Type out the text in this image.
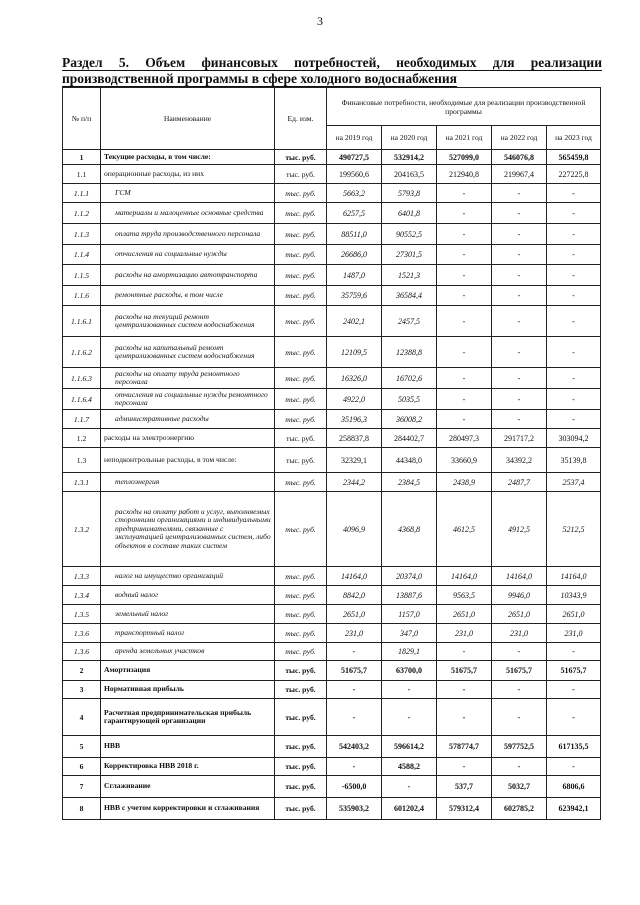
3
Раздел 5. Объем финансовых потребностей, необходимых для реализации производственной программы в сфере холодного водоснабжения
№ п/п	Наименование	Ед. изм.	Финансовые потребности, необходимые для реализации производственной программы				
			на 2019 год	на 2020 год	на 2021 год	на 2022 год	на 2023 год
1	Текущие расходы, в том числе:	тыс. руб.	490727,5	532914,2	527099,0	546076,8	565459,8
1.1	операционные расходы, из них	тыс. руб.	199560,6	204163,5	212940,8	219967,4	227225,8
1.1.1	ГСМ	тыс. руб.	5663,2	5793,8	-	-	-
1.1.2	материалы и малоценные основные средства	тыс. руб.	6257,5	6401,8	-	-	-
1.1.3	оплата труда производственного персонала	тыс. руб.	88511,0	90552,5	-	-	-
1.1.4	отчисления на социальные нужды	тыс. руб.	26686,0	27301,5	-	-	-
1.1.5	расходы на амортизацию автотранспорта	тыс. руб.	1487,0	1521,3	-	-	-
1.1.6	ремонтные расходы, в том числе	тыс. руб.	35759,6	36584,4	-	-	-
1.1.6.1	расходы на текущий ремонт централизованных систем водоснабжения	тыс. руб.	2402,1	2457,5	-	-	-
1.1.6.2	расходы на капитальный ремонт централизованных систем водоснабжения	тыс. руб.	12109,5	12388,8	-	-	-
1.1.6.3	расходы на оплату труда ремонтного персонала	тыс. руб.	16326,0	16702,6	-	-	-
1.1.6.4	отчисления на социальные нужды ремонтного персонала	тыс. руб.	4922,0	5035,5	-	-	-
1.1.7	административные расходы	тыс. руб.	35196,3	36008,2	-	-	-
1.2	расходы на электроэнергию	тыс. руб.	258837,8	284402,7	280497,3	291717,2	303094,2
1.3	неподконтрольные расходы, в том числе:	тыс. руб.	32329,1	44348,0	33660,9	34392,2	35139,8
1.3.1	теплоэнергия	тыс. руб.	2344,2	2384,5	2438,9	2487,7	2537,4
1.3.2	расходы на оплату работ и услуг, выполняемых сторонними организациями и индивидуальными предпринимателями, связанные с эксплуатацией централизованных систем, либо объектов в составе таких систем	тыс. руб.	4096,9	4368,8	4612,5	4912,5	5212,5
1.3.3	налог на имущество организаций	тыс. руб.	14164,0	20374,0	14164,0	14164,0	14164,0
1.3.4	водный налог	тыс. руб.	8842,0	13887,6	9563,5	9946,0	10343,9
1.3.5	земельный налог	тыс. руб.	2651,0	1157,0	2651,0	2651,0	2651,0
1.3.6	транспортный налог	тыс. руб.	231,0	347,0	231,0	231,0	231,0
1.3.6	аренда земельных участков	тыс. руб.	-	1829,1	-	-	-
2	Амортизация	тыс. руб.	51675,7	63700,0	51675,7	51675,7	51675,7
3	Нормативная прибыль	тыс. руб.	-	-	-	-	-
4	Расчетная предпринимательская прибыль гарантирующей организации	тыс. руб.	-	-	-	-	-
5	НВВ	тыс. руб.	542403,2	596614,2	578774,7	597752,5	617135,5
6	Корректировка НВВ 2018 г.	тыс. руб.	-	4588,2	-	-	-
7	Сглаживание	тыс. руб.	-6500,0	-	537,7	5032,7	6806,6
8	НВВ с учетом корректировки и сглаживания	тыс. руб.	535903,2	601202,4	579312,4	602785,2	623942,1
